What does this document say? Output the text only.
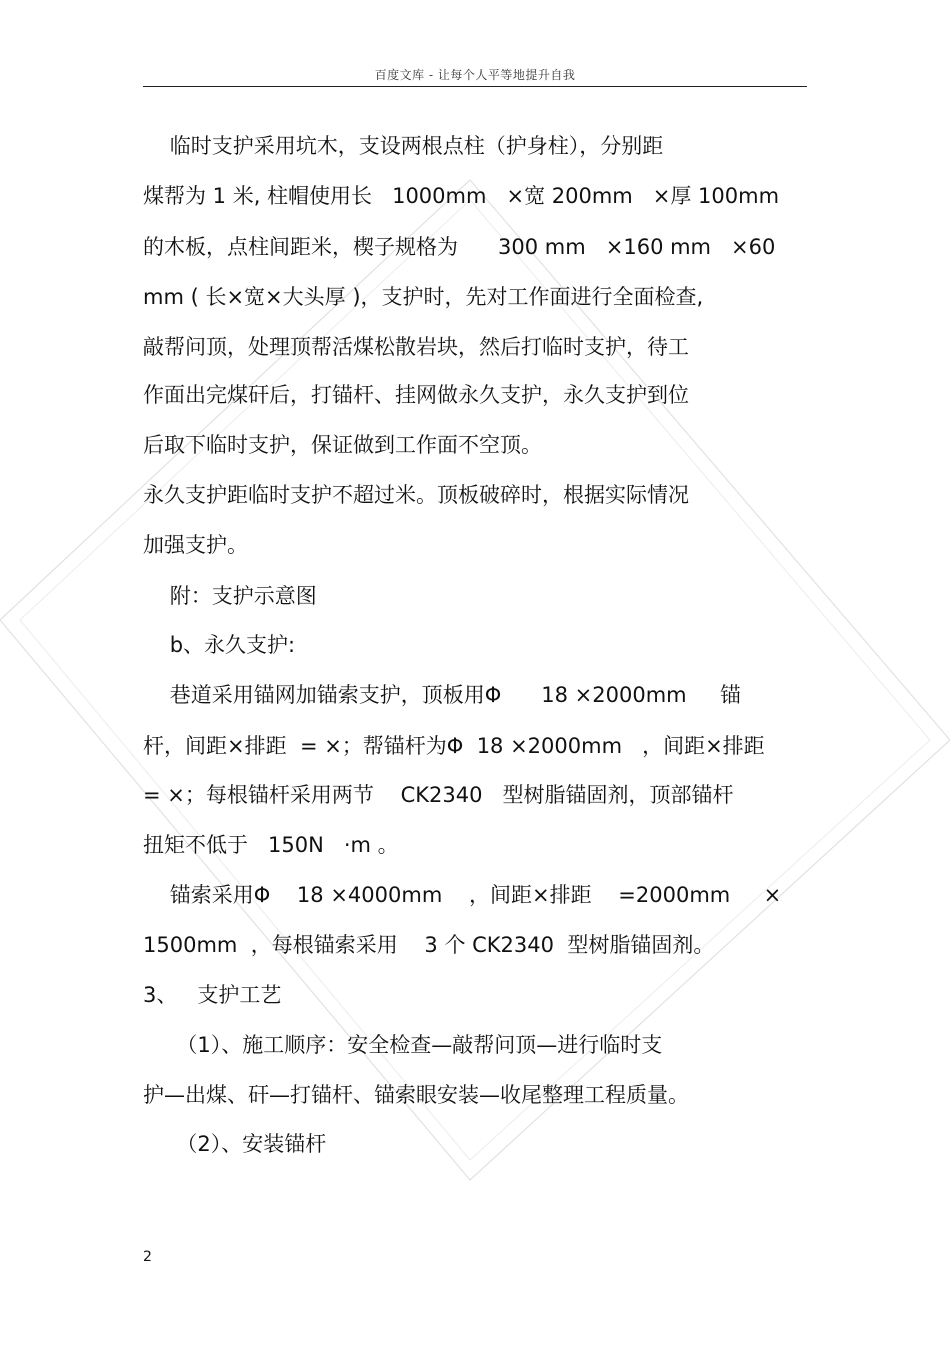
百度文库 - 让每个人平等地提升自我
临时支护采用坑木，支设两根点柱（护身柱），分别距
煤帮为 1 米, 柱帽使用长   1000mm   ×宽 200mm   ×厚 100mm
的木板，点柱间距米，楔子规格为      300 mm   ×160 mm   ×60
mm ( 长×宽×大头厚 )，支护时，先对工作面进行全面检查,
敲帮问顶，处理顶帮活煤松散岩块，然后打临时支护，待工
作面出完煤矸后，打锚杆、挂网做永久支护，永久支护到位
后取下临时支护，保证做到工作面不空顶。
永久支护距临时支护不超过米。顶板破碎时，根据实际情况
加强支护。
附：支护示意图
b、永久支护:
巷道采用锚网加锚索支护，顶板用Φ      18 ×2000mm     锚
杆，间距×排距  = ×；帮锚杆为Φ  18 ×2000mm   ，间距×排距
= ×；每根锚杆采用两节    CK2340   型树脂锚固剂，顶部锚杆
扭矩不低于   150N   ·m 。
锚索采用Φ    18 ×4000mm    ，间距×排距    =2000mm     ×
1500mm  ，每根锚索采用    3 个 CK2340  型树脂锚固剂。
3、   支护工艺
（1）、施工顺序：安全检查—敲帮问顶—进行临时支
护—出煤、矸—打锚杆、锚索眼安装—收尾整理工程质量。
（2）、安装锚杆
2
